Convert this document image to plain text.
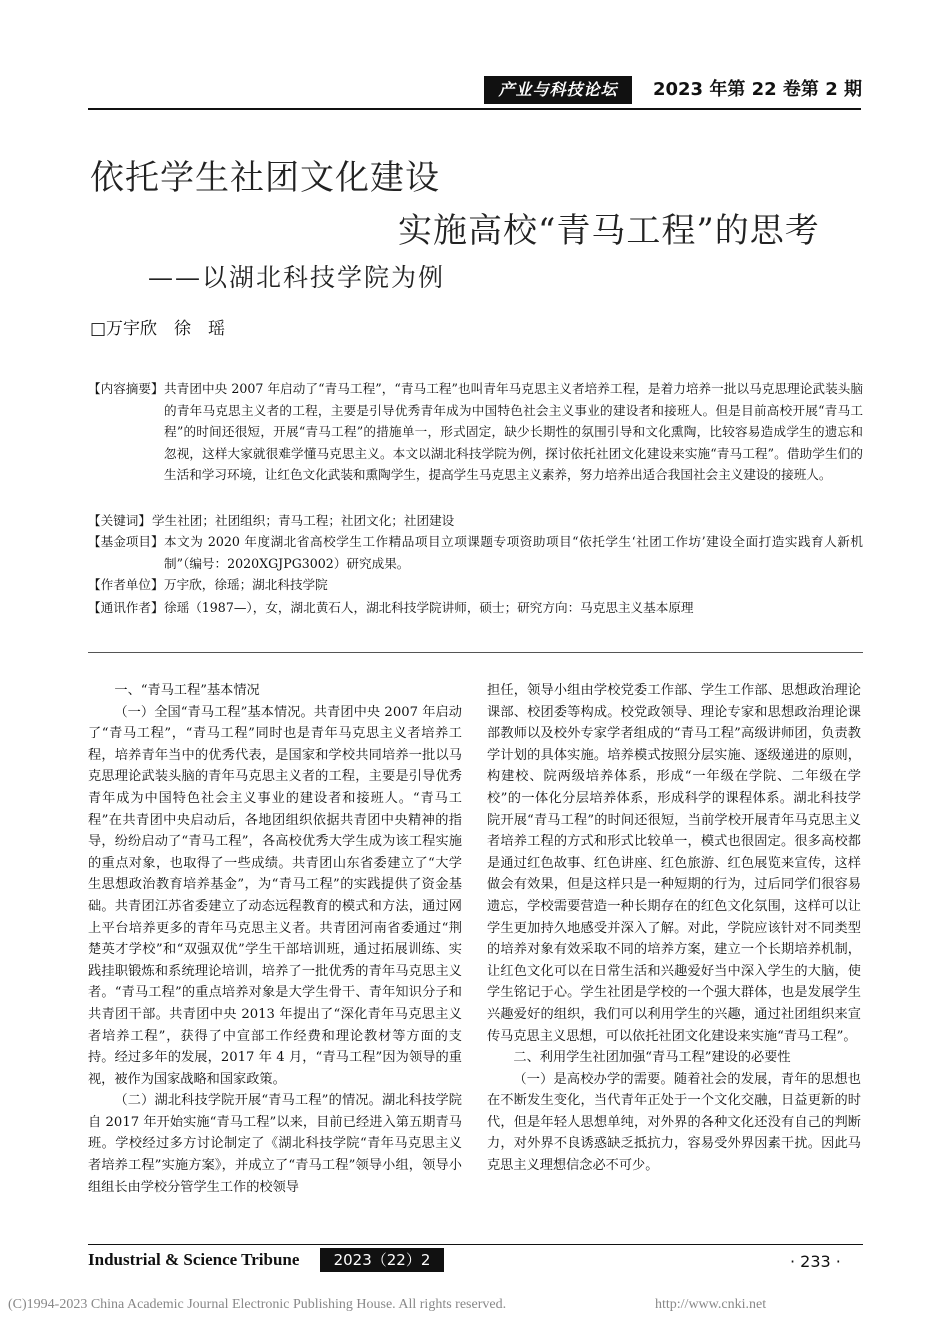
产业与科技论坛	2023 年第 22 卷第 2 期
依托学生社团文化建设
实施高校“青马工程”的思考
——以湖北科技学院为例
□万宇欣　徐　瑶
【内容摘要】 共青团中央 2007 年启动了“青马工程”，“青马工程”也叫青年马克思主义者培养工程，是着力培养一批以马克思理论武装头脑的青年马克思主义者的工程，主要是引导优秀青年成为中国特色社会主义事业的建设者和接班人。但是目前高校开展“青马工程”的时间还很短，开展“青马工程”的措施单一，形式固定，缺少长期性的氛围引导和文化熏陶，比较容易造成学生的遗忘和忽视，这样大家就很难学懂马克思主义。本文以湖北科技学院为例，探讨依托社团文化建设来实施“青马工程”。借助学生们的生活和学习环境，让红色文化武装和熏陶学生，提高学生马克思主义素养，努力培养出适合我国社会主义建设的接班人。
【关键词】 学生社团；社团组织；青马工程；社团文化；社团建设
【基金项目】 本文为 2020 年度湖北省高校学生工作精品项目立项课题专项资助项目“依托学生‘社团工作坊’建设全面打造实践育人新机制”（编号：2020XGJPG3002）研究成果。
【作者单位】 万宇欣，徐瑶；湖北科技学院
【通讯作者】 徐瑶（1987—），女，湖北黄石人，湖北科技学院讲师，硕士；研究方向：马克思主义基本原理

一、“青马工程”基本情况

（一）全国“青马工程”基本情况。共青团中央 2007 年启动了“青马工程”，“青马工程”同时也是青年马克思主义者培养工程，培养青年当中的优秀代表，是国家和学校共同培养一批以马克思理论武装头脑的青年马克思主义者的工程，主要是引导优秀青年成为中国特色社会主义事业的建设者和接班人。“青马工程”在共青团中央启动后，各地团组织依据共青团中央精神的指导，纷纷启动了“青马工程”，各高校优秀大学生成为该工程实施的重点对象，也取得了一些成绩。共青团山东省委建立了“大学生思想政治教育培养基金”，为“青马工程”的实践提供了资金基础。共青团江苏省委建立了动态远程教育的模式和方法，通过网上平台培养更多的青年马克思主义者。共青团河南省委通过“荆楚英才学校”和“双强双优”学生干部培训班，通过拓展训练、实践挂职锻炼和系统理论培训，培养了一批优秀的青年马克思主义者。“青马工程”的重点培养对象是大学生骨干、青年知识分子和共青团干部。共青团中央 2013 年提出了“深化青年马克思主义者培养工程”，获得了中宣部工作经费和理论教材等方面的支持。经过多年的发展，2017 年 4 月，“青马工程”因为领导的重视，被作为国家战略和国家政策。

（二）湖北科技学院开展“青马工程”的情况。湖北科技学院自 2017 年开始实施“青马工程”以来，目前已经进入第五期青马班。学校经过多方讨论制定了《湖北科技学院“青年马克思主义者培养工程”实施方案》，并成立了“青马工程”领导小组，领导小组组长由学校分管学生工作的校领导

担任，领导小组由学校党委工作部、学生工作部、思想政治理论课部、校团委等构成。校党政领导、理论专家和思想政治理论课部教师以及校外专家学者组成的“青马工程”高级讲师团，负责教学计划的具体实施。培养模式按照分层实施、逐级递进的原则，构建校、院两级培养体系，形成“一年级在学院、二年级在学校”的一体化分层培养体系，形成科学的课程体系。湖北科技学院开展“青马工程”的时间还很短，当前学校开展青年马克思主义者培养工程的方式和形式比较单一，模式也很固定。很多高校都是通过红色故事、红色讲座、红色旅游、红色展览来宣传，这样做会有效果，但是这样只是一种短期的行为，过后同学们很容易遗忘，学校需要营造一种长期存在的红色文化氛围，这样可以让学生更加持久地感受并深入了解。对此，学院应该针对不同类型的培养对象有效采取不同的培养方案，建立一个长期培养机制，让红色文化可以在日常生活和兴趣爱好当中深入学生的大脑，使学生铭记于心。学生社团是学校的一个强大群体，也是发展学生兴趣爱好的组织，我们可以利用学生的兴趣，通过社团组织来宣传马克思主义思想，可以依托社团文化建设来实施“青马工程”。

二、利用学生社团加强“青马工程”建设的必要性

（一）是高校办学的需要。随着社会的发展，青年的思想也在不断发生变化，当代青年正处于一个文化交融，日益更新的时代，但是年轻人思想单纯，对外界的各种文化还没有自己的判断力，对外界不良诱惑缺乏抵抗力，容易受外界因素干扰。因此马克思主义理想信念必不可少。

Industrial & Science Tribune	2023（22）2	· 233 ·
(C)1994-2023 China Academic Journal Electronic Publishing House. All rights reserved.	http://www.cnki.net
